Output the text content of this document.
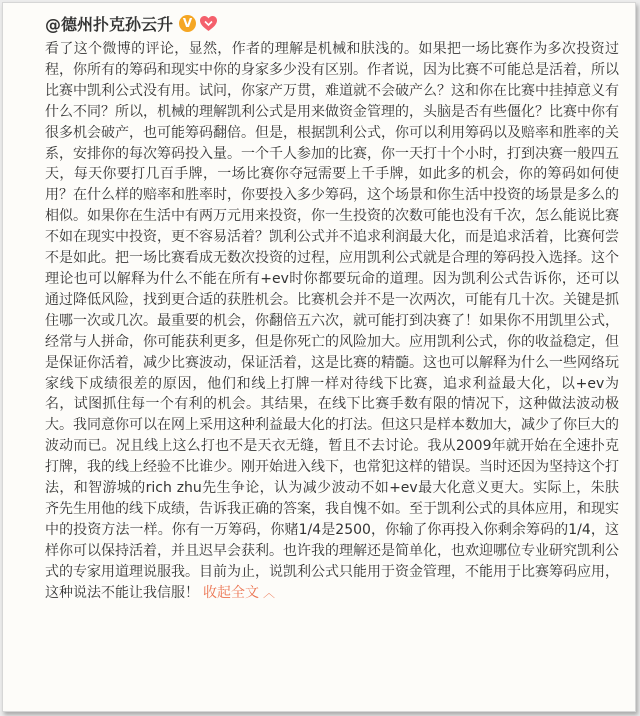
@德州扑克孙云升 V
看了这个微博的评论，显然，作者的理解是机械和肤浅的。如果把一场比赛作为多次投资过程，你所有的筹码和现实中你的身家多少没有区别。作者说，因为比赛不可能总是活着，所以比赛中凯利公式没有用。试问，你家产万贯，难道就不会破产么？这和你在比赛中挂掉意义有什么不同？所以，机械的理解凯利公式是用来做资金管理的，头脑是否有些僵化？比赛中你有很多机会破产，也可能筹码翻倍。但是，根据凯利公式，你可以利用筹码以及赔率和胜率的关系，安排你的每次筹码投入量。一个千人参加的比赛，你一天打十个小时，打到决赛一般四五天，每天你要打几百手牌，一场比赛你夺冠需要上千手牌，如此多的机会，你的筹码如何使用？在什么样的赔率和胜率时，你要投入多少筹码，这个场景和你生活中投资的场景是多么的相似。如果你在生活中有两万元用来投资，你一生投资的次数可能也没有千次，怎么能说比赛不如在现实中投资，更不容易活着？凯利公式并不追求利润最大化，而是追求活着，比赛何尝不是如此。把一场比赛看成无数次投资的过程，应用凯利公式就是合理的筹码投入选择。这个理论也可以解释为什么不能在所有+ev时你都要玩命的道理。因为凯利公式告诉你，还可以通过降低风险，找到更合适的获胜机会。比赛机会并不是一次两次，可能有几十次。关键是抓住哪一次或几次。最重要的机会，你翻倍五六次，就可能打到决赛了！如果你不用凯里公式，经常与人拼命，你可能获利更多，但是你死亡的风险加大。应用凯利公式，你的收益稳定，但是保证你活着，减少比赛波动，保证活着，这是比赛的精髓。这也可以解释为什么一些网络玩家线下成绩很差的原因，他们和线上打牌一样对待线下比赛，追求利益最大化，以+ev为名，试图抓住每一个有利的机会。其结果，在线下比赛手数有限的情况下，这种做法波动极大。我同意你可以在网上采用这种利益最大化的打法。但这只是样本数加大，减少了你巨大的波动而已。况且线上这么打也不是天衣无缝，暂且不去讨论。我从2009年就开始在全速扑克打牌，我的线上经验不比谁少。刚开始进入线下，也常犯这样的错误。当时还因为坚持这个打法，和智游城的rich zhu先生争论，认为减少波动不如+ev最大化意义更大。实际上，朱肤齐先生用他的线下成绩，告诉我正确的答案，我自愧不如。至于凯利公式的具体应用，和现实中的投资方法一样。你有一万筹码，你赌1/4是2500，你输了你再投入你剩余筹码的1/4，这样你可以保持活着，并且迟早会获利。也许我的理解还是简单化，也欢迎哪位专业研究凯利公式的专家用道理说服我。目前为止，说凯利公式只能用于资金管理，不能用于比赛筹码应用，这种说法不能让我信服！ 收起全文 ︿
